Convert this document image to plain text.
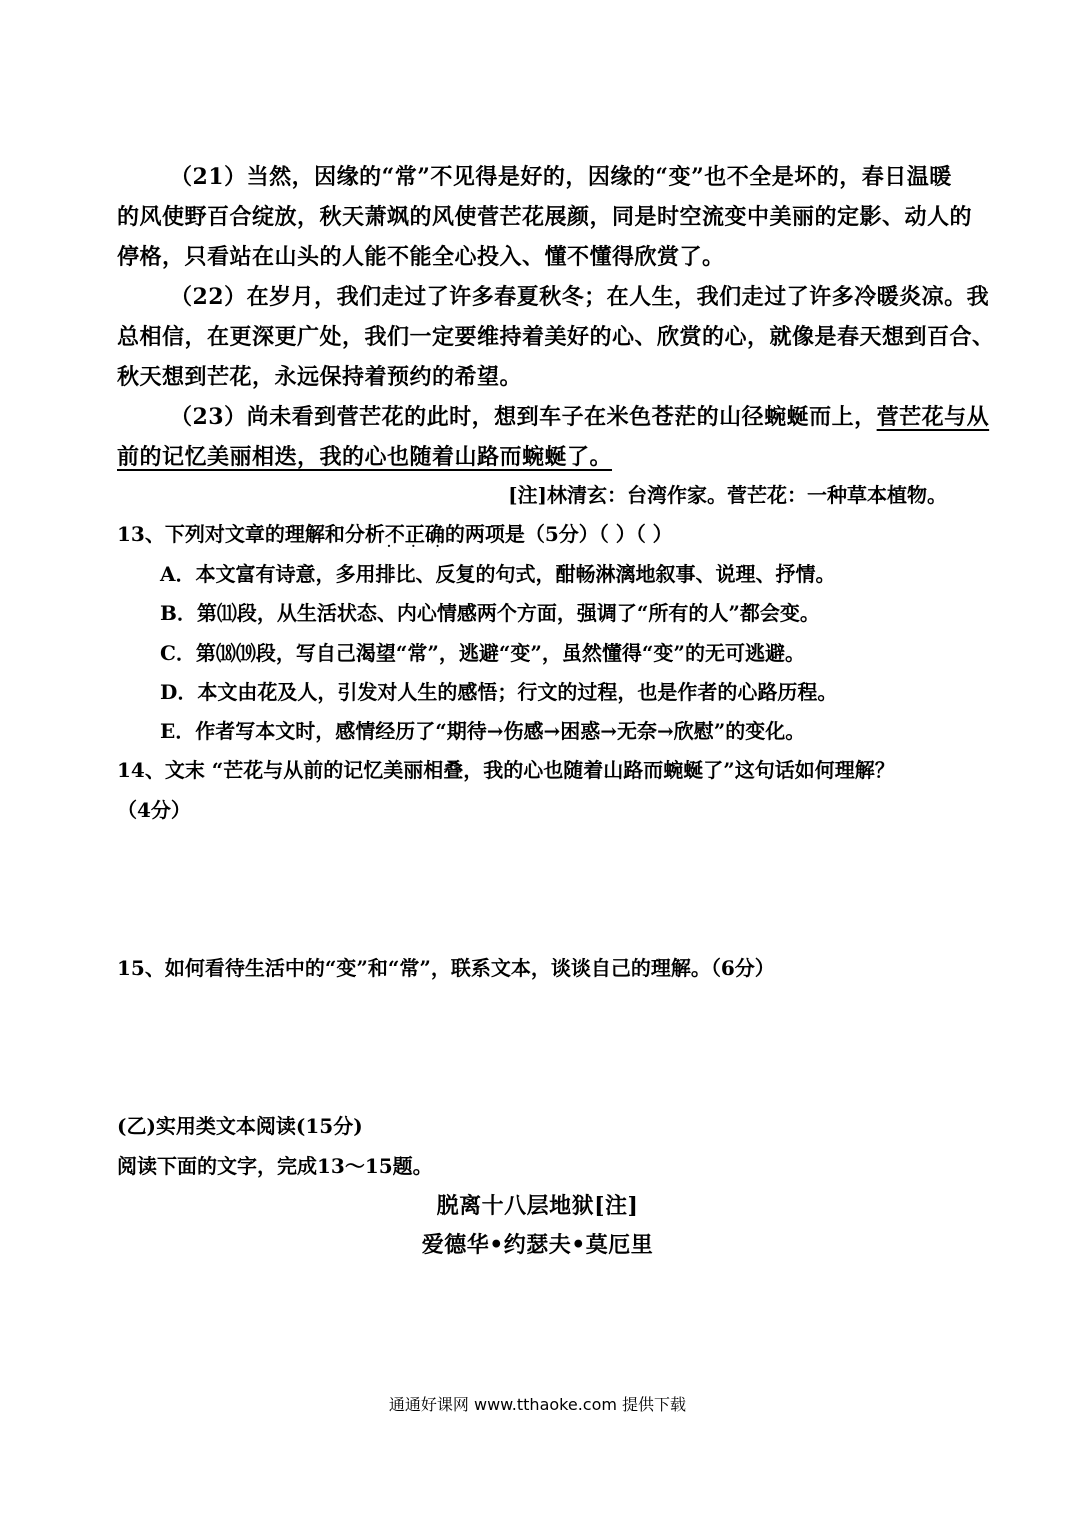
（21）当然，因缘的“常”不见得是好的，因缘的“变”也不全是坏的，春日温暖
的风使野百合绽放，秋天萧飒的风使菅芒花展颜，同是时空流变中美丽的定影、动人的
停格，只看站在山头的人能不能全心投入、懂不懂得欣赏了。
（22）在岁月，我们走过了许多春夏秋冬；在人生，我们走过了许多冷暖炎凉。我
总相信，在更深更广处，我们一定要维持着美好的心、欣赏的心，就像是春天想到百合、
秋天想到芒花，永远保持着预约的希望。
（23）尚未看到菅芒花的此时，想到车子在米色苍茫的山径蜿蜒而上，菅芒花与从
前的记忆美丽相迭，我的心也随着山路而蜿蜒了。
[注]林清玄：台湾作家。菅芒花：一种草本植物。
13、下列对文章的理解和分析不正确 · · ·的两项是（5分）（ ）（ ）
A．本文富有诗意，多用排比、反复的句式，酣畅淋漓地叙事、说理、抒情。
B．第⑾段，从生活状态、内心情感两个方面，强调了“所有的人”都会变。
C．第⒅⒆段，写自己渴望“常”，逃避“变”，虽然懂得“变”的无可逃避。
D．本文由花及人，引发对人生的感悟；行文的过程，也是作者的心路历程。
E．作者写本文时，感情经历了“期待→伤感→困惑→无奈→欣慰”的变化。
14、文末 “芒花与从前的记忆美丽相叠，我的心也随着山路而蜿蜒了”这句话如何理解？
（4分）
15、如何看待生活中的“变”和“常”，联系文本，谈谈自己的理解。（6分）
(乙)实用类文本阅读(15分)
阅读下面的文字，完成13～15题。
脱离十八层地狱[注]
爱德华•约瑟夫•莫厄里
通通好课网 www.tthaoke.com 提供下载
